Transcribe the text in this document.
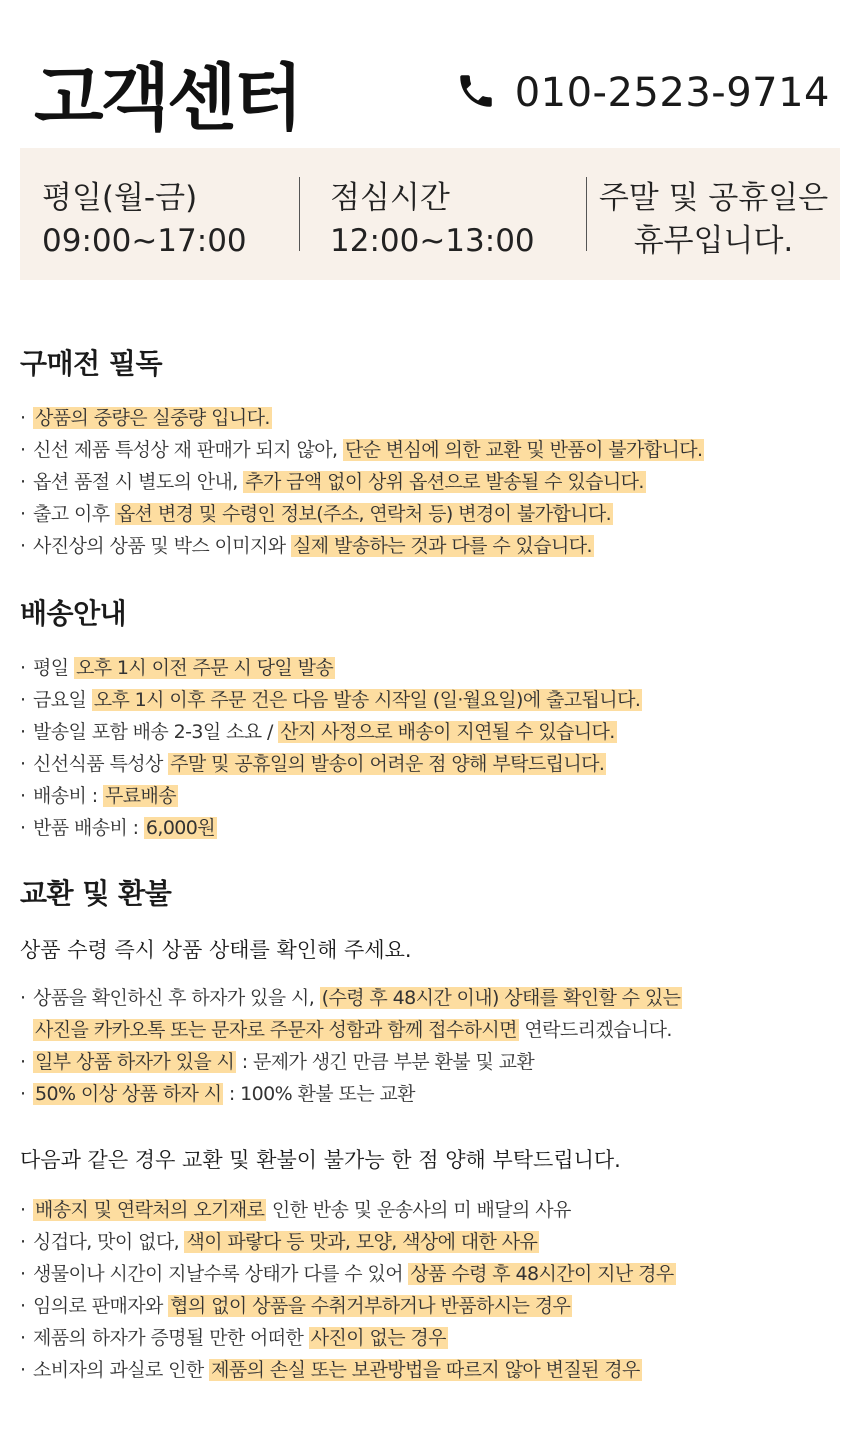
고객센터	010-2523-9714
평일(월-금)
09:00~17:00
점심시간
12:00~13:00
주말 및 공휴일은
휴무입니다.
구매전 필독
· 상품의 중량은 실중량 입니다.
· 신선 제품 특성상 재 판매가 되지 않아, 단순 변심에 의한 교환 및 반품이 불가합니다.
· 옵션 품절 시 별도의 안내, 추가 금액 없이 상위 옵션으로 발송될 수 있습니다.
· 출고 이후 옵션 변경 및 수령인 정보(주소, 연락처 등) 변경이 불가합니다.
· 사진상의 상품 및 박스 이미지와 실제 발송하는 것과 다를 수 있습니다.
배송안내
· 평일 오후 1시 이전 주문 시 당일 발송
· 금요일 오후 1시 이후 주문 건은 다음 발송 시작일 (일·월요일)에 출고됩니다.
· 발송일 포함 배송 2-3일 소요 / 산지 사정으로 배송이 지연될 수 있습니다.
· 신선식품 특성상 주말 및 공휴일의 발송이 어려운 점 양해 부탁드립니다.
· 배송비 : 무료배송
· 반품 배송비 : 6,000원
교환 및 환불

상품 수령 즉시 상품 상태를 확인해 주세요.

· 상품을 확인하신 후 하자가 있을 시, (수령 후 48시간 이내) 상태를 확인할 수 있는
사진을 카카오톡 또는 문자로 주문자 성함과 함께 접수하시면 연락드리겠습니다.
· 일부 상품 하자가 있을 시 : 문제가 생긴 만큼 부분 환불 및 교환
· 50% 이상 상품 하자 시 : 100% 환불 또는 교환

다음과 같은 경우 교환 및 환불이 불가능 한 점 양해 부탁드립니다.

· 배송지 및 연락처의 오기재로 인한 반송 및 운송사의 미 배달의 사유
· 싱겁다, 맛이 없다, 색이 파랗다 등 맛과, 모양, 색상에 대한 사유
· 생물이나 시간이 지날수록 상태가 다를 수 있어 상품 수령 후 48시간이 지난 경우
· 임의로 판매자와 협의 없이 상품을 수취거부하거나 반품하시는 경우
· 제품의 하자가 증명될 만한 어떠한 사진이 없는 경우
· 소비자의 과실로 인한 제품의 손실 또는 보관방법을 따르지 않아 변질된 경우
